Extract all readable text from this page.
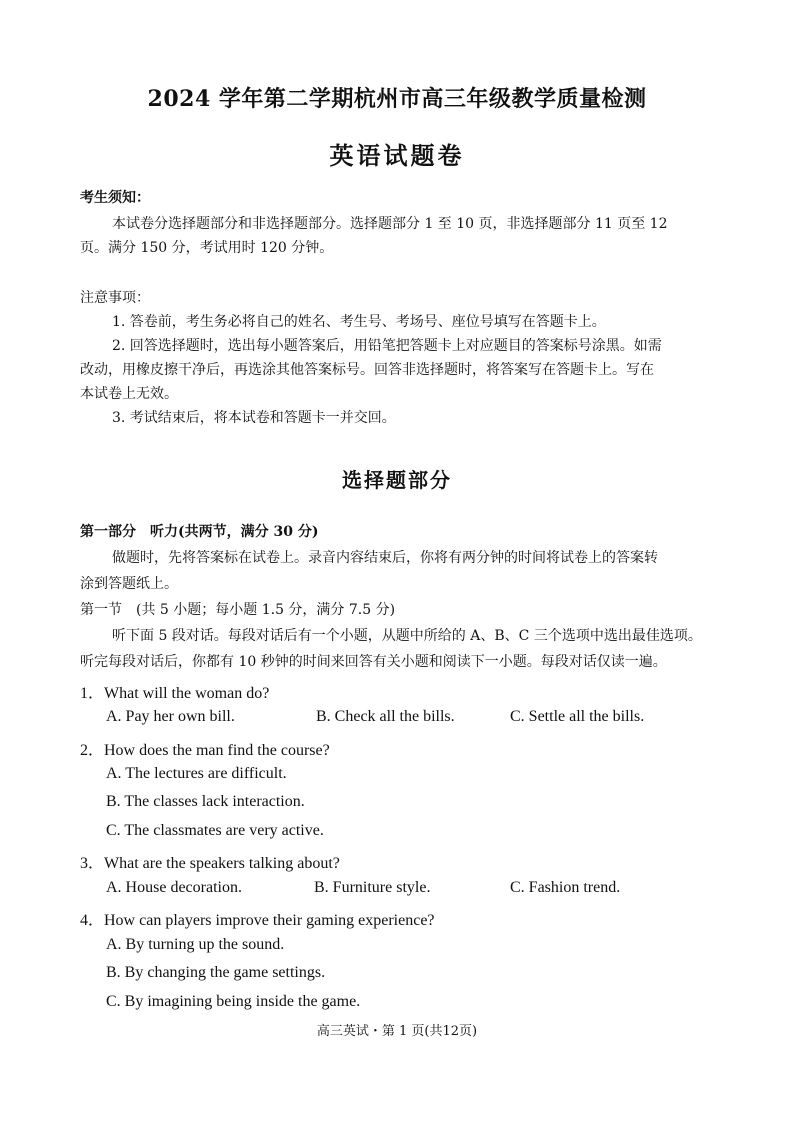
2024 学年第二学期杭州市高三年级教学质量检测
英语试题卷
考生须知：
本试卷分选择题部分和非选择题部分。选择题部分 1 至 10 页，非选择题部分 11 页至 12
页。满分 150 分，考试用时 120 分钟。
注意事项：
1. 答卷前，考生务必将自己的姓名、考生号、考场号、座位号填写在答题卡上。
2. 回答选择题时，选出每小题答案后，用铅笔把答题卡上对应题目的答案标号涂黑。如需
改动，用橡皮擦干净后，再选涂其他答案标号。回答非选择题时，将答案写在答题卡上。写在
本试卷上无效。
3. 考试结束后，将本试卷和答题卡一并交回。
选择题部分
第一部分　听力(共两节，满分 30 分)
做题时，先将答案标在试卷上。录音内容结束后，你将有两分钟的时间将试卷上的答案转
涂到答题纸上。
第一节　(共 5 小题；每小题 1.5 分，满分 7.5 分)
听下面 5 段对话。每段对话后有一个小题，从题中所给的 A、B、C 三个选项中选出最佳选项。
听完每段对话后，你都有 10 秒钟的时间来回答有关小题和阅读下一小题。每段对话仅读一遍。
1．What will the woman do?
A. Pay her own bill.	B. Check all the bills.	C. Settle all the bills.
2．How does the man find the course?
A. The lectures are difficult.
B. The classes lack interaction.
C. The classmates are very active.
3．What are the speakers talking about?
A. House decoration.	B. Furniture style.	C. Fashion trend.
4．How can players improve their gaming experience?
A. By turning up the sound.
B. By changing the game settings.
C. By imagining being inside the game.
高三英试・第 1 页(共12页)
